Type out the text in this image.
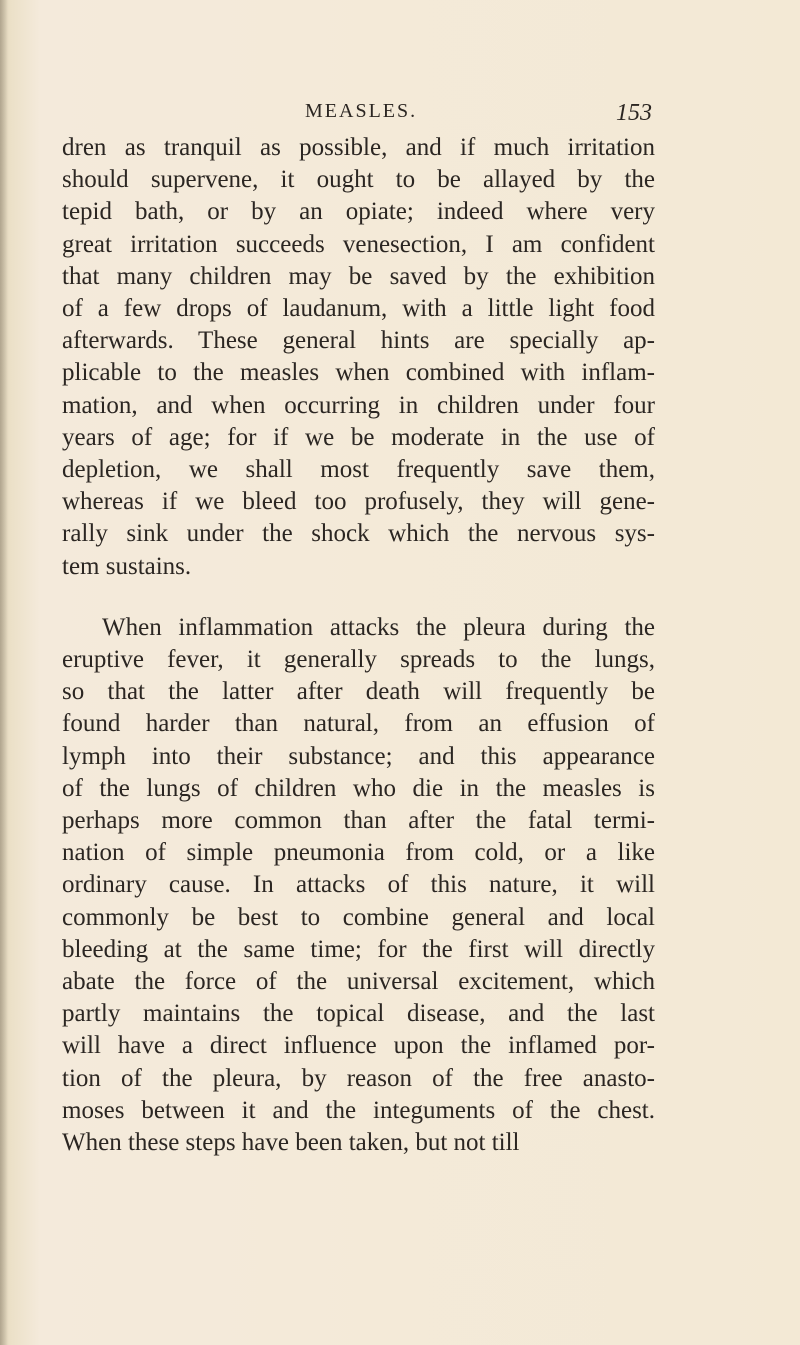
MEASLES.	153

dren as tranquil as possible, and if much irritation
should supervene, it ought to be allayed by the
tepid bath, or by an opiate; indeed where very
great irritation succeeds venesection, I am confident
that many children may be saved by the exhibition
of a few drops of laudanum, with a little light food
afterwards. These general hints are specially ap-
plicable to the measles when combined with inflam-
mation, and when occurring in children under four
years of age; for if we be moderate in the use of
depletion, we shall most frequently save them,
whereas if we bleed too profusely, they will gene-
rally sink under the shock which the nervous sys-
tem sustains.

When inflammation attacks the pleura during the
eruptive fever, it generally spreads to the lungs,
so that the latter after death will frequently be
found harder than natural, from an effusion of
lymph into their substance; and this appearance
of the lungs of children who die in the measles is
perhaps more common than after the fatal termi-
nation of simple pneumonia from cold, or a like
ordinary cause. In attacks of this nature, it will
commonly be best to combine general and local
bleeding at the same time; for the first will directly
abate the force of the universal excitement, which
partly maintains the topical disease, and the last
will have a direct influence upon the inflamed por-
tion of the pleura, by reason of the free anasto-
moses between it and the integuments of the chest.
When these steps have been taken, but not till
